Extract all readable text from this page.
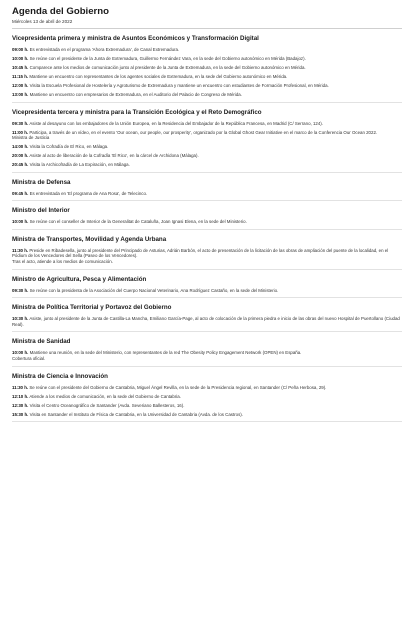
Agenda del Gobierno
Miércoles 13 de abril de 2022
Vicepresidenta primera y ministra de Asuntos Económicos y Transformación Digital

09:00 h. Es entrevistada en el programa 'Ahora Extremadura', de Canal Extremadura.

10:00 h. Se reúne con el presidente de la Junta de Extremadura, Guillermo Fernández Vara, en la sede del Gobierno autonómico en Mérida (Badajoz).

10:45 h. Comparece ante los medios de comunicación junto al presidente de la Junta de Extremadura, en la sede del Gobierno autonómico en Mérida.

11:15 h. Mantiene un encuentro con representantes de los agentes sociales de Extremadura, en la sede del Gobierno autonómico en Mérida.

12:00 h. Visita la Escuela Profesional de Hostelería y Agroturismo de Extremadura y mantiene un encuentro con estudiantes de Formación Profesional, en Mérida.

13:00 h. Mantiene un encuentro con empresarios de Extremadura, en el Auditorio del Palacio de Congreso de Mérida.

Vicepresidenta tercera y ministra para la Transición Ecológica y el Reto Demográfico

09:30 h. Asiste al desayuno con los embajadores de la Unión Europea, en la Residencia del Embajador de la República Francesa, en Madrid (C/ Serrano, 124).

11:00 h. Participa, a través de un vídeo, en el evento 'Our ocean, our people, our prosperity', organizado por la Global Ghost Gear Initiative en el marco de la Conferencia Our Ocean 2022.
Ministra de Justicia

14:00 h. Visita la Cofradía de El Rico, en Málaga.

20:00 h. Asiste al acto de liberación de la Cofradía 'El Rico', en la cárcel de Archidona (Málaga).

20:45 h. Visita la Archicofradía de La Expiración, en Málaga.

Ministra de Defensa

09:45 h. Es entrevistada en 'El programa de Ana Rosa', de Telecinco.

Ministro del Interior

10:00 h. Se reúne con el conseller de Interior de la Generalitat de Cataluña, Joan Ignasi Elena, en la sede del Ministerio.

Ministra de Transportes, Movilidad y Agenda Urbana

11:30 h. Preside en Ribadesella, junto al presidente del Principado de Asturias, Adrián Barbón, el acto de presentación de la licitación de las obras de ampliación del puente de la localidad, en el Pódium de los Vencedores del Sella (Paseo de los Vencedores).
Tras el acto, atiende a los medios de comunicación.

Ministro de Agricultura, Pesca y Alimentación

09:30 h. Se reúne con la presidenta de la Asociación del Cuerpo Nacional Veterinario, Ana Rodríguez Castaño, en la sede del Ministerio.

Ministra de Política Territorial y Portavoz del Gobierno

10:30 h. Asiste, junto al presidente de la Junta de Castilla-La Mancha, Emiliano García-Page, al acto de colocación de la primera piedra e inicio de las obras del nuevo Hospital de Puertollano (Ciudad Real).

Ministra de Sanidad

10:00 h. Mantiene una reunión, en la sede del Ministerio, con representantes de la red The Obesity Policy Engagement Network (OPEN) en España.
Cobertura oficial.

Ministra de Ciencia e Innovación

11:30 h. Se reúne con el presidente del Gobierno de Cantabria, Miguel Ángel Revilla, en la sede de la Presidencia regional, en Santander (C/ Peña Herbosa, 29).

12:10 h. Atiende a los medios de comunicación, en la sede del Gobierno de Cantabria.

12:30 h. Visita el Centro Oceanográfico de Santander (Avda. Severiano Ballesteros, 16).

15:30 h. Visita en Santander el Instituto de Física de Cantabria, en la Universidad de Cantabria (Avda. de los Castros).
